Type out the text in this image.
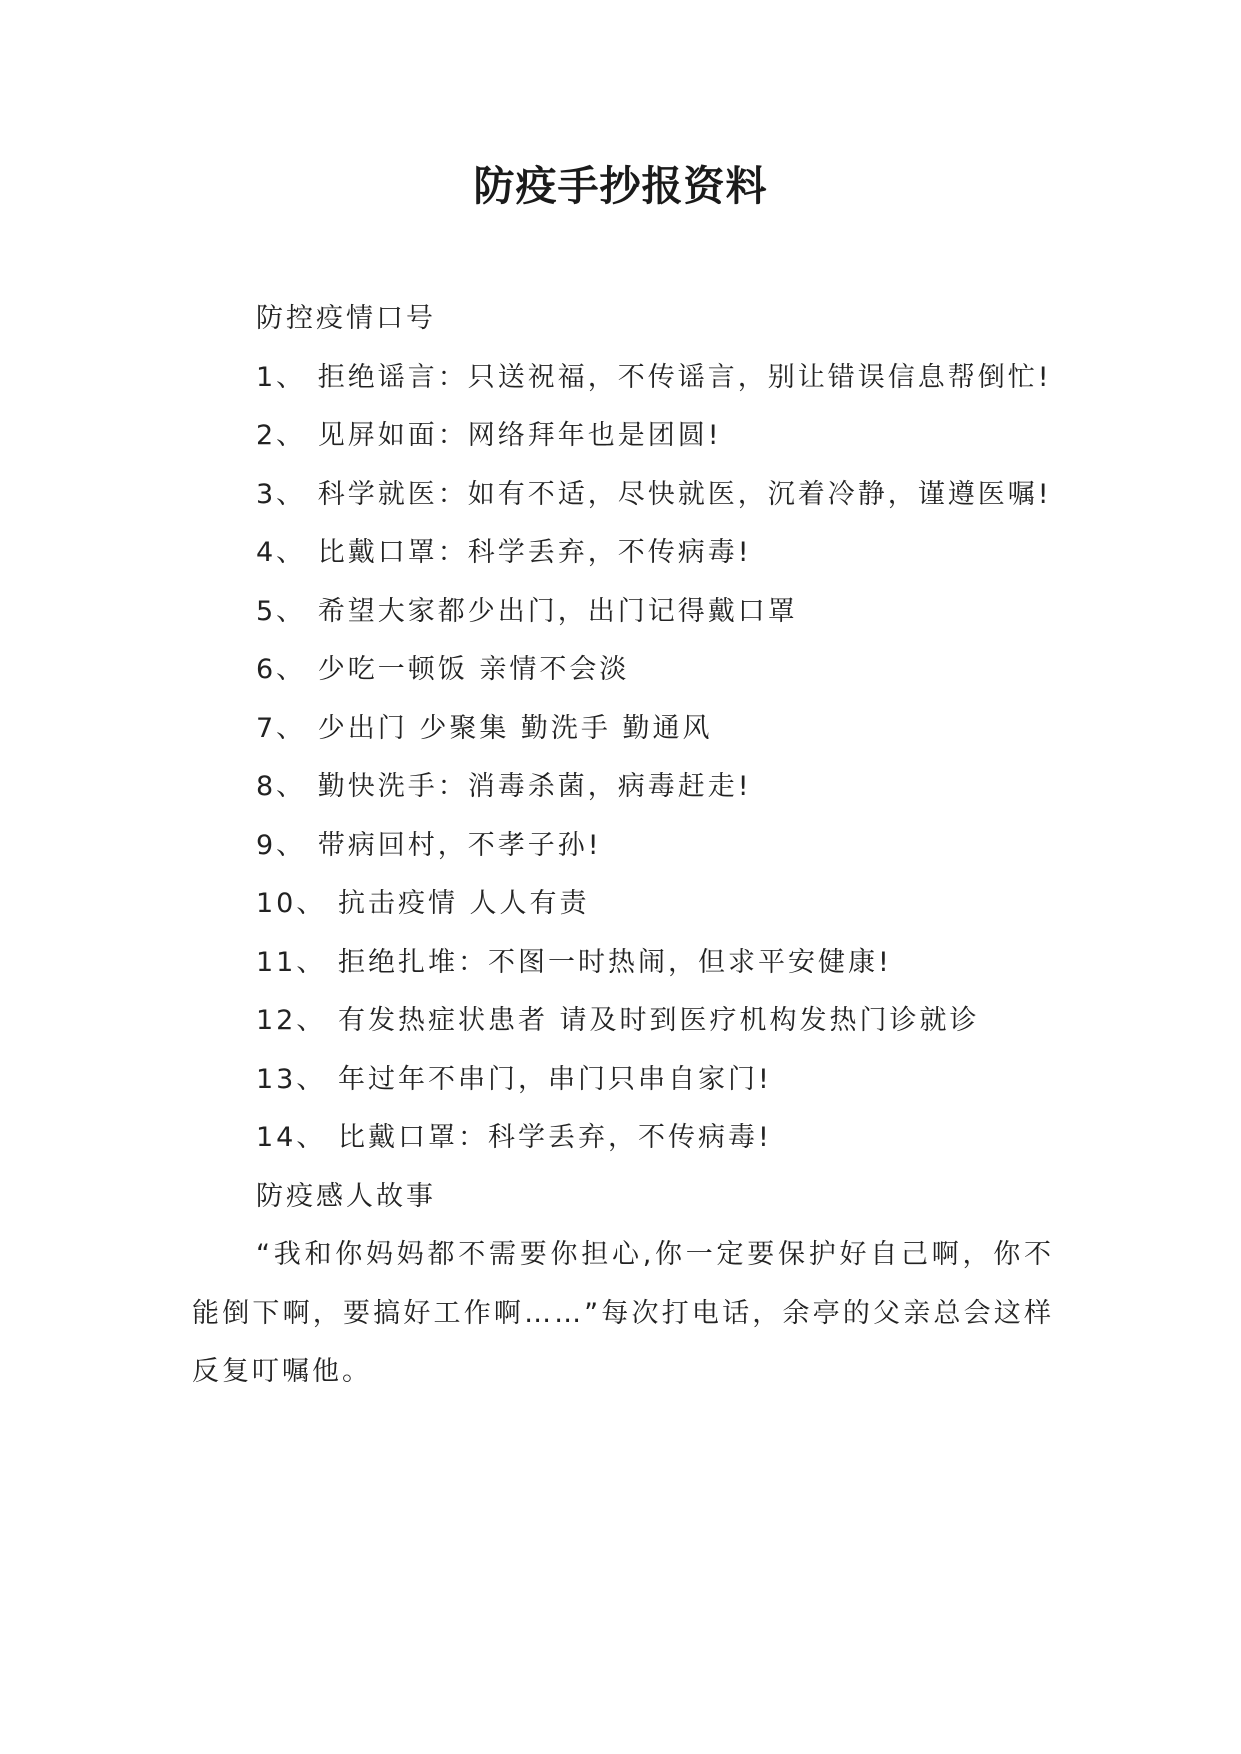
防疫手抄报资料

防控疫情口号

1、 拒绝谣言：只送祝福，不传谣言，别让错误信息帮倒忙!

2、 见屏如面：网络拜年也是团圆!

3、 科学就医：如有不适，尽快就医，沉着冷静，谨遵医嘱!

4、 比戴口罩：科学丢弃，不传病毒!

5、 希望大家都少出门，出门记得戴口罩

6、 少吃一顿饭 亲情不会淡

7、 少出门 少聚集 勤洗手 勤通风

8、 勤快洗手：消毒杀菌，病毒赶走!

9、 带病回村，不孝子孙!

10、 抗击疫情 人人有责

11、 拒绝扎堆：不图一时热闹，但求平安健康!

12、 有发热症状患者 请及时到医疗机构发热门诊就诊

13、 年过年不串门，串门只串自家门!

14、 比戴口罩：科学丢弃，不传病毒!

防疫感人故事

“我和你妈妈都不需要你担心,你一定要保护好自己啊，你不能倒下啊，要搞好工作啊……”每次打电话，余亭的父亲总会这样反复叮嘱他。
